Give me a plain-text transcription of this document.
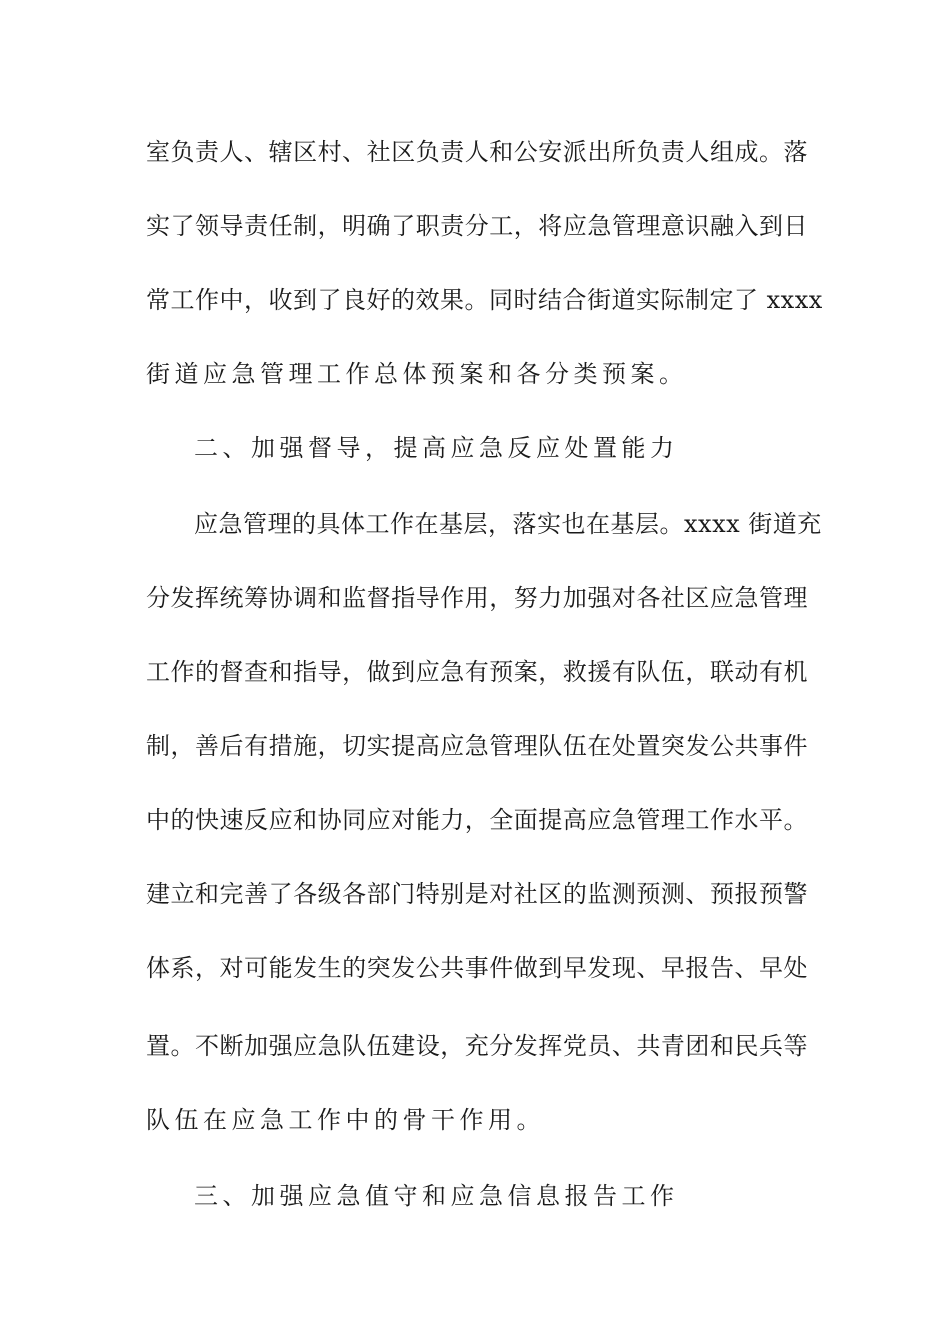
室负责人、辖区村、社区负责人和公安派出所负责人组成。落
实了领导责任制，明确了职责分工，将应急管理意识融入到日
常工作中，收到了良好的效果。同时结合街道实际制定了 xxxx
街道应急管理工作总体预案和各分类预案。
二、加强督导，提高应急反应处置能力
应急管理的具体工作在基层，落实也在基层。xxxx 街道充
分发挥统筹协调和监督指导作用，努力加强对各社区应急管理
工作的督查和指导，做到应急有预案，救援有队伍，联动有机
制，善后有措施，切实提高应急管理队伍在处置突发公共事件
中的快速反应和协同应对能力，全面提高应急管理工作水平。
建立和完善了各级各部门特别是对社区的监测预测、预报预警
体系，对可能发生的突发公共事件做到早发现、早报告、早处
置。不断加强应急队伍建设，充分发挥党员、共青团和民兵等
队伍在应急工作中的骨干作用。
三、加强应急值守和应急信息报告工作
